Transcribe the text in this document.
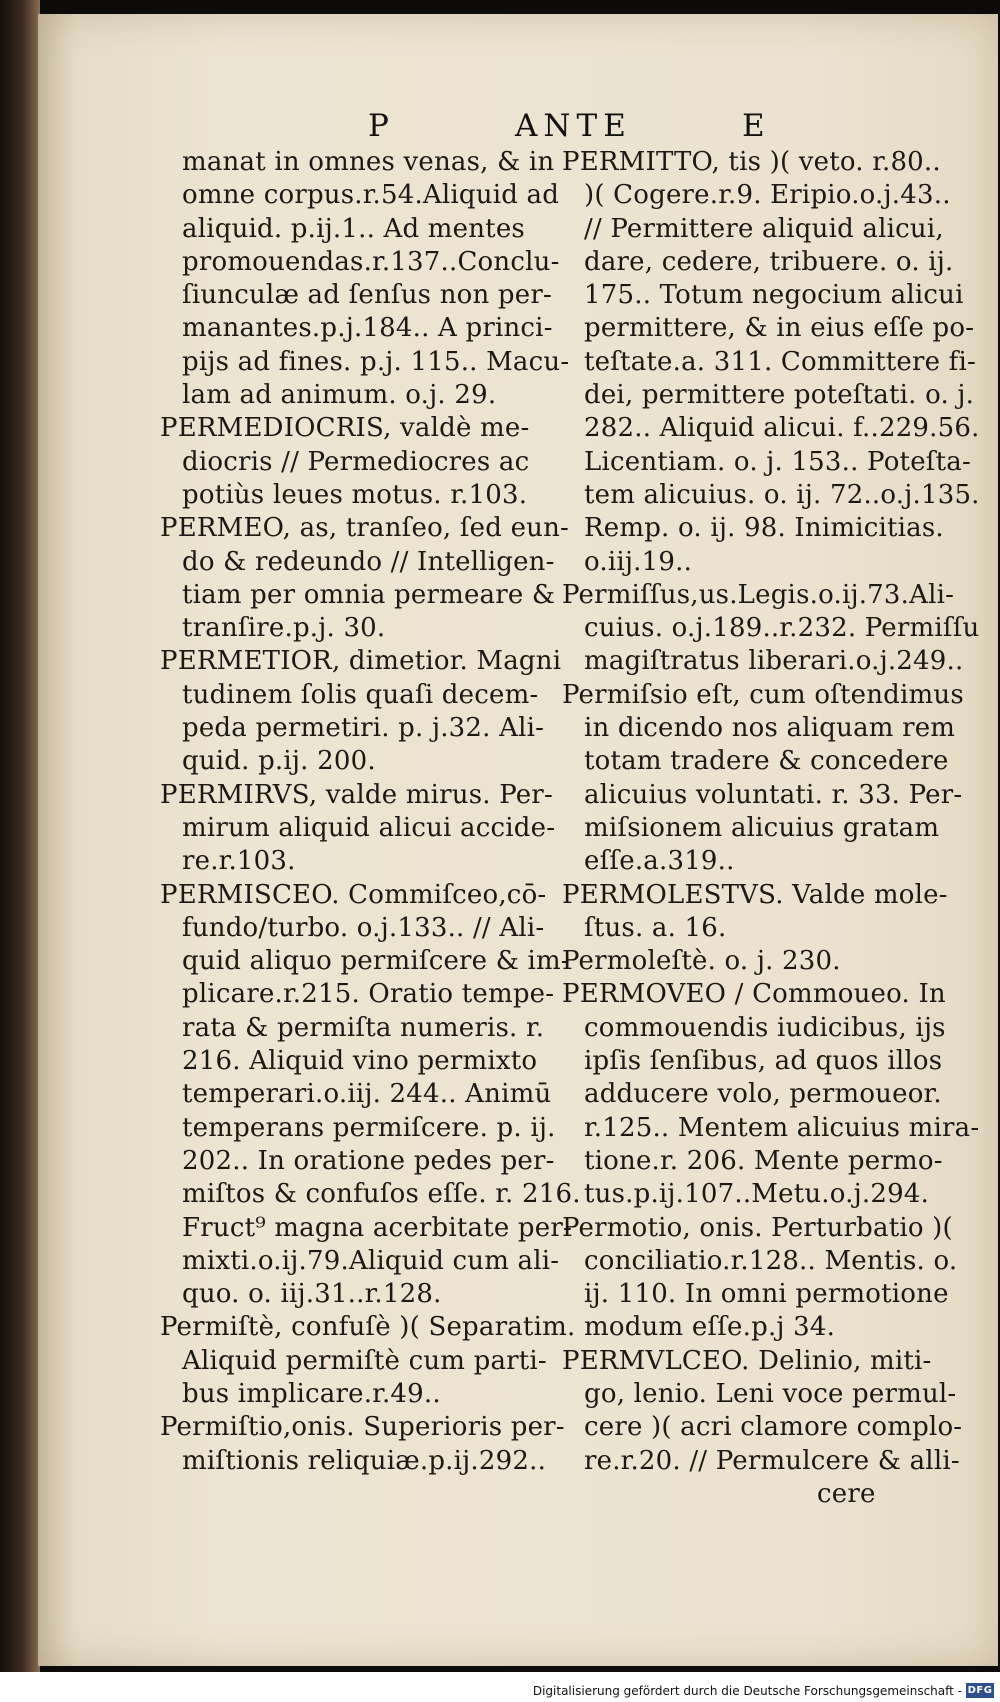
P	ANTE	E
manat in omnes venas, & in
omne corpus.r.54.Aliquid ad
aliquid. p.ij.1.. Ad mentes
promouendas.r.137..Conclu-
ſiunculæ ad ſenſus non per-
manantes.p.j.184.. A princi-
pijs ad fines. p.j. 115.. Macu-
lam ad animum. o.j. 29.
PERMEDIOCRIS, valdè me-
diocris // Permediocres ac
potiùs leues motus. r.103.
PERMEO, as, tranſeo, ſed eun-
do & redeundo // Intelligen-
tiam per omnia permeare &
tranſire.p.j. 30.
PERMETIOR, dimetior. Magni
tudinem ſolis quaſi decem-
peda permetiri. p. j.32. Ali-
quid. p.ij. 200.
PERMIRVS, valde mirus. Per-
mirum aliquid alicui accide-
re.r.103.
PERMISCEO. Commiſceo,cō-
fundo/turbo. o.j.133.. // Ali-
quid aliquo permiſcere & im-
plicare.r.215. Oratio tempe-
rata & permiſta numeris. r.
216. Aliquid vino permixto
temperari.o.iij. 244.. Animū
temperans permiſcere. p. ij.
202.. In oratione pedes per-
miſtos & confuſos eſſe. r. 216.
Fruct⁹ magna acerbitate per-
mixti.o.ij.79.Aliquid cum ali-
quo. o. iij.31..r.128.
Permiſtè, confuſè )( Separatim.
Aliquid permiſtè cum parti-
bus implicare.r.49..
Permiſtio,onis. Superioris per-
miſtionis reliquiæ.p.ij.292..
PERMITTO, tis )( veto. r.80..
)( Cogere.r.9. Eripio.o.j.43..
// Permittere aliquid alicui,
dare, cedere, tribuere. o. ij.
175.. Totum negocium alicui
permittere, & in eius eſſe po-
teſtate.a. 311. Committere fi-
dei, permittere poteſtati. o. j.
282.. Aliquid alicui. f..229.56.
Licentiam. o. j. 153.. Poteſta-
tem alicuius. o. ij. 72..o.j.135.
Remp. o. ij. 98. Inimicitias.
o.iij.19..
Permiſſus,us.Legis.o.ij.73.Ali-
cuius. o.j.189..r.232. Permiſſu
magiſtratus liberari.o.j.249..
Permiſsio eſt, cum oſtendimus
in dicendo nos aliquam rem
totam tradere & concedere
alicuius voluntati. r. 33. Per-
miſsionem alicuius gratam
eſſe.a.319..
PERMOLESTVS. Valde mole-
ſtus. a. 16.
Permoleſtè. o. j. 230.
PERMOVEO / Commoueo. In
commouendis iudicibus, ijs
ipſis ſenſibus, ad quos illos
adducere volo, permoueor.
r.125.. Mentem alicuius mira-
tione.r. 206. Mente permo-
tus.p.ij.107..Metu.o.j.294.
Permotio, onis. Perturbatio )(
conciliatio.r.128.. Mentis. o.
ij. 110. In omni permotione
modum eſſe.p.j 34.
PERMVLCEO. Delinio, miti-
go, lenio. Leni voce permul-
cere )( acri clamore complo-
re.r.20. // Permulcere & alli-
cere
Digitalisierung gefördert durch die Deutsche Forschungsgemeinschaft - DFG
